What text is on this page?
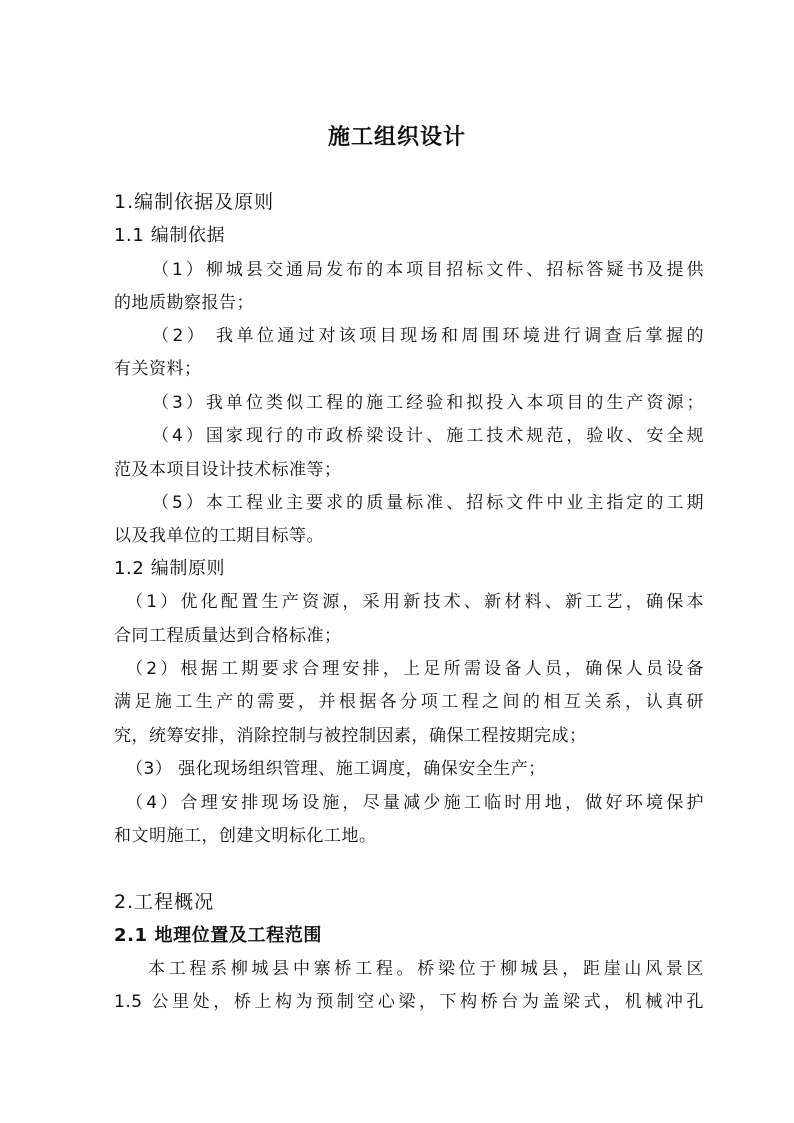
施工组织设计
1.编制依据及原则
1.1 编制依据
（1）柳城县交通局发布的本项目招标文件、招标答疑书及提供
的地质勘察报告；
（2） 我单位通过对该项目现场和周围环境进行调查后掌握的
有关资料；
（3）我单位类似工程的施工经验和拟投入本项目的生产资源；
（4）国家现行的市政桥梁设计、施工技术规范，验收、安全规
范及本项目设计技术标准等；
（5）本工程业主要求的质量标准、招标文件中业主指定的工期
以及我单位的工期目标等。
1.2 编制原则
（1）优化配置生产资源，采用新技术、新材料、新工艺，确保本
合同工程质量达到合格标准；
（2）根据工期要求合理安排，上足所需设备人员，确保人员设备
满足施工生产的需要，并根据各分项工程之间的相互关系，认真研
究，统筹安排，消除控制与被控制因素，确保工程按期完成；
（3） 强化现场组织管理、施工调度，确保安全生产；
（4）合理安排现场设施，尽量减少施工临时用地，做好环境保护
和文明施工，创建文明标化工地。
2.工程概况
2.1 地理位置及工程范围
本工程系柳城县中寨桥工程。桥梁位于柳城县，距崖山风景区
1.5 公里处，桥上构为预制空心梁，下构桥台为盖梁式，机械冲孔
